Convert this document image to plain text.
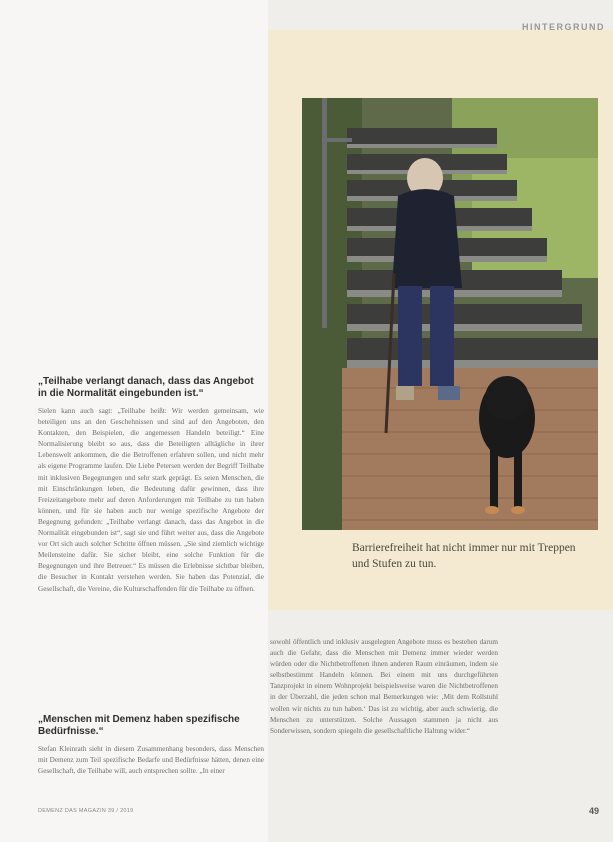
HINTERGRUND
Barrierefreiheit hat nicht immer nur mit Treppen und Stufen zu tun.
„Teilhabe verlangt danach, dass das Angebot in die Normalität eingebunden ist.“
Sielen kann auch sagt: „Teilhabe heißt: Wir werden gemeinsam, wie beteiligen uns an den Geschehnissen und sind auf den Angeboten, den Kontakten, den Beispielen, die angemessen Handeln beteiligt.“ Eine Normalisierung bleibt so aus, dass die Beteiligten alltägliche in ihrer Lebenswelt ankommen, die die Betroffenen erfahren sollen, und nicht mehr als eigene Programme laufen. Die Liebe Petersen werden der Begriff Teilhabe mit inklusiven Begegnungen und sehr stark geprägt. Es seien Menschen, die mit Einschränkungen leben, die Bedeutung dafür gewinnen, dass ihre Freizeitangebote mehr auf deren Anforderungen mit Teilhabe zu tun haben können, und für sie haben auch nur wenige spezifische Angebote der Begegnung gefunden: „Teilhabe verlangt danach, dass das Angebot in die Normalität eingebunden ist“, sagt sie und führt weiter aus, dass die Angebote vor Ort sich auch solcher Schritte öffnen müssen. „Sie sind ziemlich wichtige Meilensteine dafür. Sie sicher bleibt, eine solche Funktion für die Begegnungen und ihre Betreuer.“ Es müssen die Erlebnisse sichtbar bleiben, die Besucher in Kontakt verstehen werden. Sie haben das Potenzial, die Gesellschaft, die Vereine, die Kulturschaffenden für die Teilhabe zu öffnen.
„Menschen mit Demenz haben spezifische Bedürfnisse.“
Stefan Kleinrath sieht in diesem Zusammenhang besonders, dass Menschen mit Demenz zum Teil spezifische Bedarfe und Bedürfnisse hätten, denen eine Gesellschaft, die Teilhabe will, auch entsprechen sollte. „In einer
sowohl öffentlich und inklusiv ausgelegten Angebote muss es bestehen darum auch die Gefahr, dass die Menschen mit Demenz immer wieder werden würden oder die Nichtbetroffenen ihnen anderen Raum einräumen, indem sie selbstbestimmt Handeln können. Bei einem mit uns durchgeführten Tanzprojekt in einem Wohnprojekt beispielsweise waren die Nichtbetroffenen in der Überzahl, die jeden schon mal Bemerkungen wie: ‚Mit dem Rollstuhl wollen wir nichts zu tun haben.‘ Das ist zu wichtig, aber auch schwierig, die Menschen zu unterstützen. Solche Aussagen stammen ja nicht aus Sonderwissen, sondern spiegeln die gesellschaftliche Haltung wider.“
DEMENZ DAS MAGAZIN 39 / 2019	49
